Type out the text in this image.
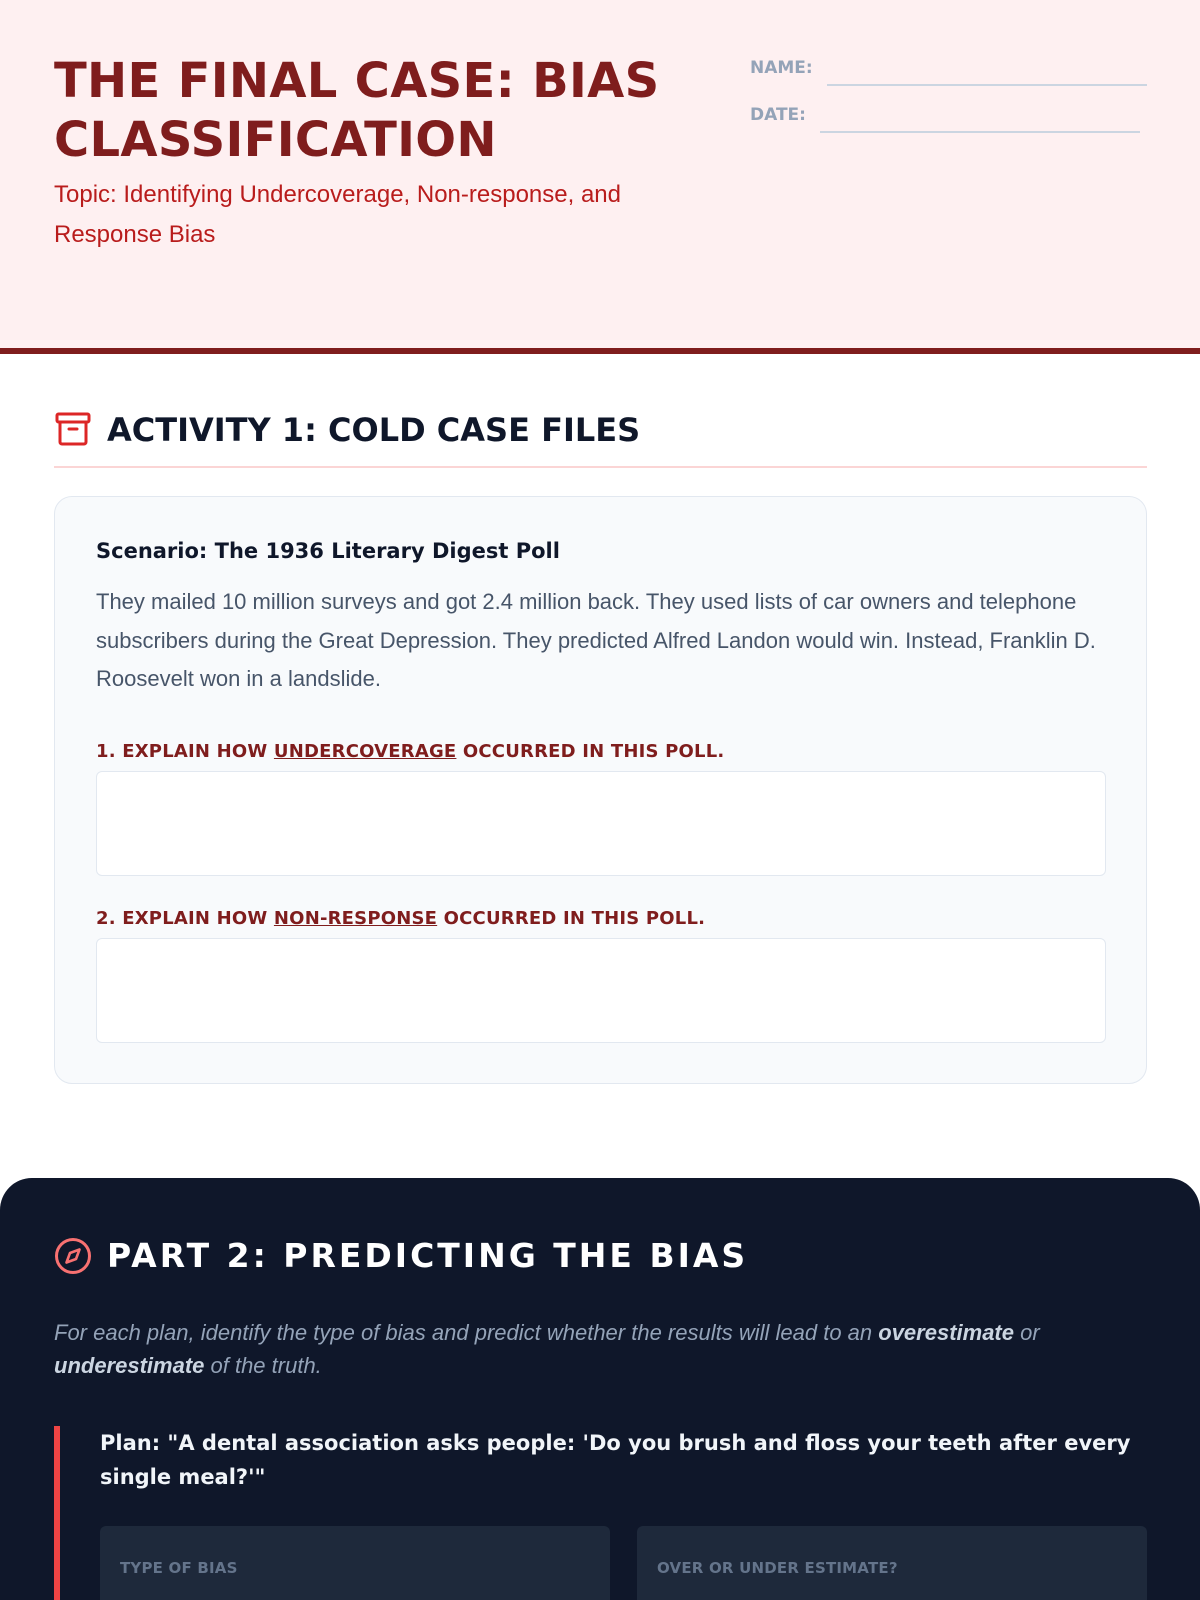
THE FINAL CASE: BIAS CLASSIFICATION
Topic: Identifying Undercoverage, Non-response, and Response Bias
NAME:
DATE:
ACTIVITY 1: COLD CASE FILES
Scenario: The 1936 Literary Digest Poll
They mailed 10 million surveys and got 2.4 million back. They used lists of car owners and telephone subscribers during the Great Depression. They predicted Alfred Landon would win. Instead, Franklin D. Roosevelt won in a landslide.
1. EXPLAIN HOW UNDERCOVERAGE OCCURRED IN THIS POLL.
2. EXPLAIN HOW NON-RESPONSE OCCURRED IN THIS POLL.
PART 2: PREDICTING THE BIAS
For each plan, identify the type of bias and predict whether the results will lead to an overestimate or underestimate of the truth.
Plan: "A dental association asks people: 'Do you brush and floss your teeth after every single meal?'"
TYPE OF BIAS	OVER OR UNDER ESTIMATE?
